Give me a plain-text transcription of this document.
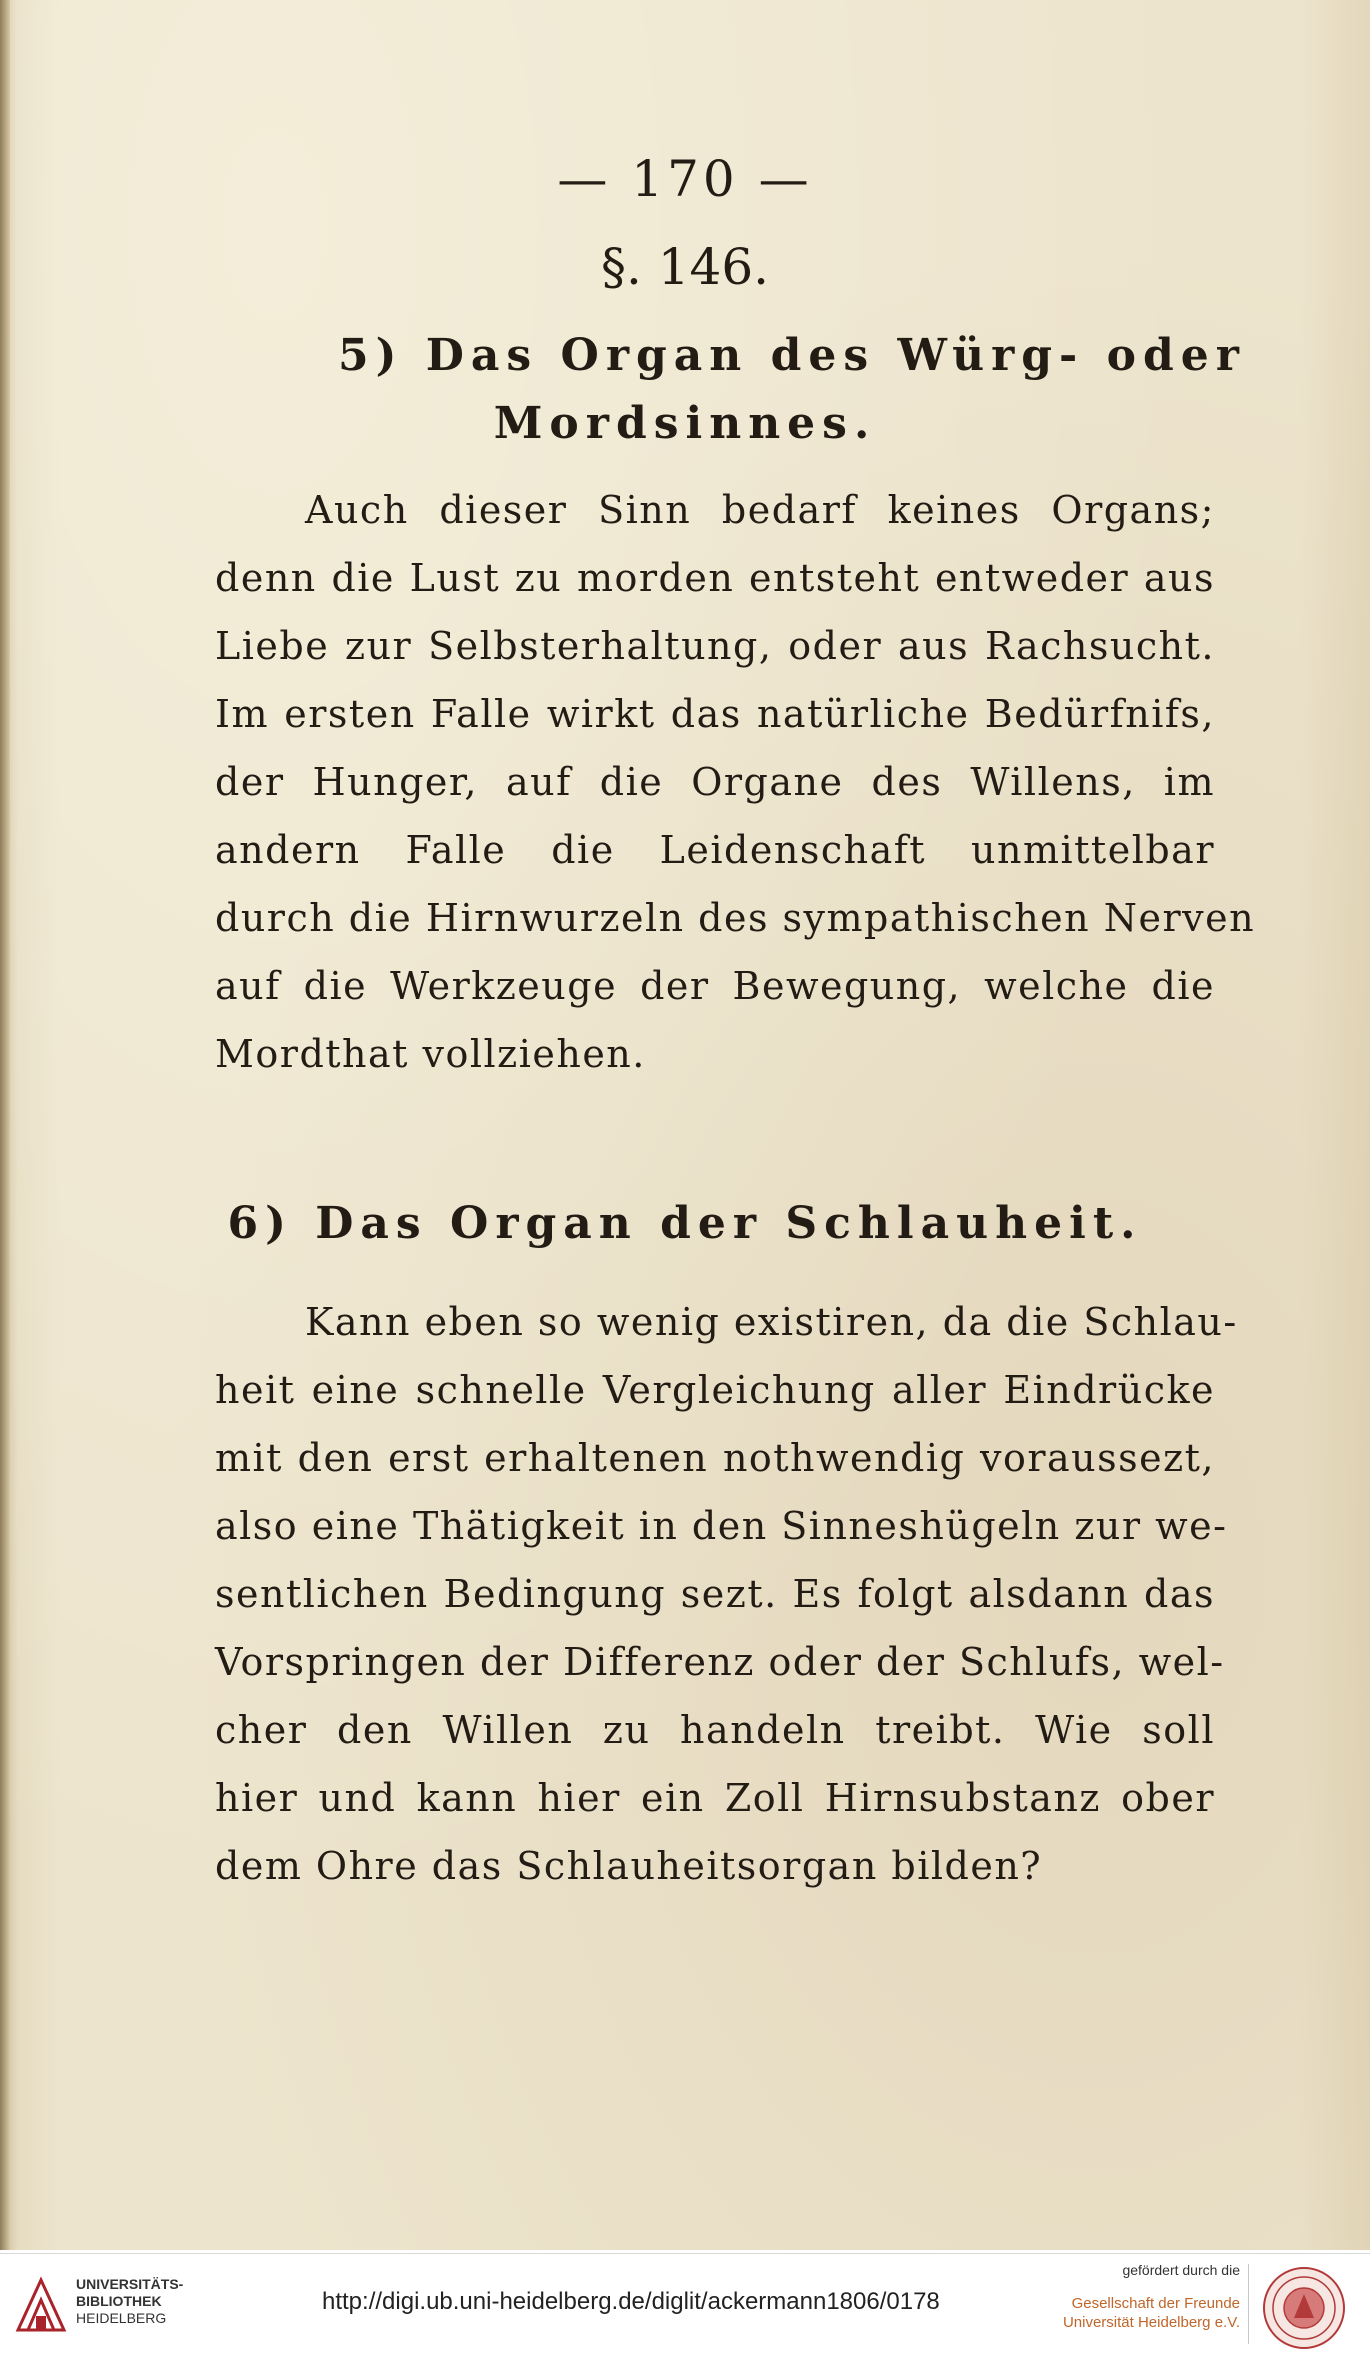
— 170 —
§. 146.
5) Das Organ des Würg- oder
Mordsinnes.
Auch dieser Sinn bedarf keines Organs;
denn die Lust zu morden entsteht entweder aus
Liebe zur Selbsterhaltung, oder aus Rachsucht.
Im ersten Falle wirkt das natürliche Bedürfnifs,
der Hunger, auf die Organe des Willens, im
andern Falle die Leidenschaft unmittelbar
durch die Hirnwurzeln des sympathischen Nerven
auf die Werkzeuge der Bewegung, welche die
Mordthat vollziehen.
6) Das Organ der Schlauheit.
Kann eben so wenig existiren, da die Schlau-
heit eine schnelle Vergleichung aller Eindrücke
mit den erst erhaltenen nothwendig voraussezt,
also eine Thätigkeit in den Sinneshügeln zur we-
sentlichen Bedingung sezt. Es folgt alsdann das
Vorspringen der Differenz oder der Schlufs, wel-
cher den Willen zu handeln treibt. Wie soll
hier und kann hier ein Zoll Hirnsubstanz ober
dem Ohre das Schlauheitsorgan bilden?
UNIVERSITÄTS-
BIBLIOTHEK
HEIDELBERG
http://digi.ub.uni-heidelberg.de/diglit/ackermann1806/0178
gefördert durch die
Gesellschaft der Freunde
Universität Heidelberg e.V.
